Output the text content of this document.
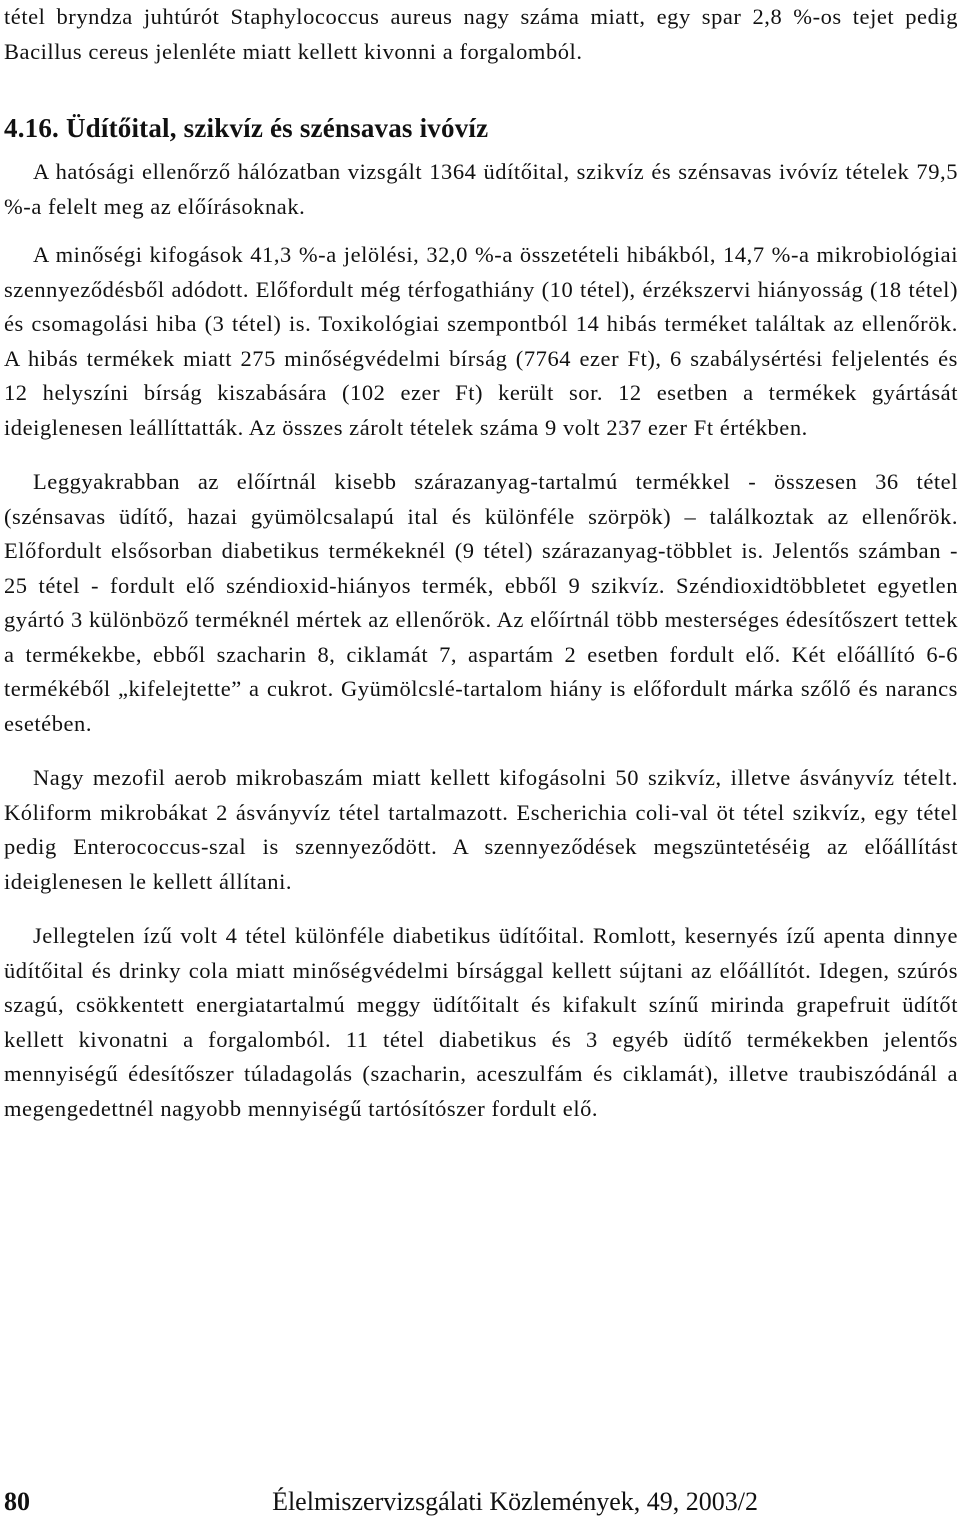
tétel bryndza juhtúrót Staphylococcus aureus nagy száma miatt, egy spar 2,8 %-os tejet pedig Bacillus cereus jelenléte miatt kellett kivonni a forgalomból.

4.16. Üdítőital, szikvíz és szénsavas ivóvíz

A hatósági ellenőrző hálózatban vizsgált 1364 üdítőital, szikvíz és szénsavas ivóvíz tételek 79,5 %-a felelt meg az előírásoknak.

A minőségi kifogások 41,3 %-a jelölési, 32,0 %-a összetételi hibákból, 14,7 %-a mikrobiológiai szennyeződésből adódott. Előfordult még térfogathiány (10 tétel), érzékszervi hiányosság (18 tétel) és csomagolási hiba (3 tétel) is. Toxikológiai szempontból 14 hibás terméket találtak az ellenőrök. A hibás termékek miatt 275 minőségvédelmi bírság (7764 ezer Ft), 6 szabálysértési feljelentés és 12 helyszíni bírság kiszabására (102 ezer Ft) került sor. 12 esetben a termékek gyártását ideiglenesen leállíttatták. Az összes zárolt tételek száma 9 volt 237 ezer Ft értékben.

Leggyakrabban az előírtnál kisebb szárazanyag-tartalmú termékkel - összesen 36 tétel (szénsavas üdítő, hazai gyümölcsalapú ital és különféle szörpök) – találkoztak az ellenőrök. Előfordult elsősorban diabetikus termékeknél (9 tétel) szárazanyag-többlet is. Jelentős számban - 25 tétel - fordult elő széndioxid-hiányos termék, ebből 9 szikvíz. Széndioxidtöbbletet egyetlen gyártó 3 különböző terméknél mértek az ellenőrök. Az előírtnál több mesterséges édesítőszert tettek a termékekbe, ebből szacharin 8, ciklamát 7, aspartám 2 esetben fordult elő. Két előállító 6-6 termékéből „kifelejtette” a cukrot. Gyümölcslé-tartalom hiány is előfordult márka szőlő és narancs esetében.

Nagy mezofil aerob mikrobaszám miatt kellett kifogásolni 50 szikvíz, illetve ásványvíz tételt. Kóliform mikrobákat 2 ásványvíz tétel tartalmazott. Escherichia coli-val öt tétel szikvíz, egy tétel pedig Enterococcus-szal is szennyeződött. A szennyeződések megszüntetéséig az előállítást ideiglenesen le kellett állítani.

Jellegtelen ízű volt 4 tétel különféle diabetikus üdítőital. Romlott, kesernyés ízű apenta dinnye üdítőital és drinky cola miatt minőségvédelmi bírsággal kellett sújtani az előállítót. Idegen, szúrós szagú, csökkentett energiatartalmú meggy üdítőitalt és kifakult színű mirinda grapefruit üdítőt kellett kivonatni a forgalomból. 11 tétel diabetikus és 3 egyéb üdítő termékekben jelentős mennyiségű édesítőszer túladagolás (szacharin, aceszulfám és ciklamát), illetve traubiszódánál a megengedettnél nagyobb mennyiségű tartósítószer fordult elő.

80	Élelmiszervizsgálati Közlemények, 49, 2003/2
